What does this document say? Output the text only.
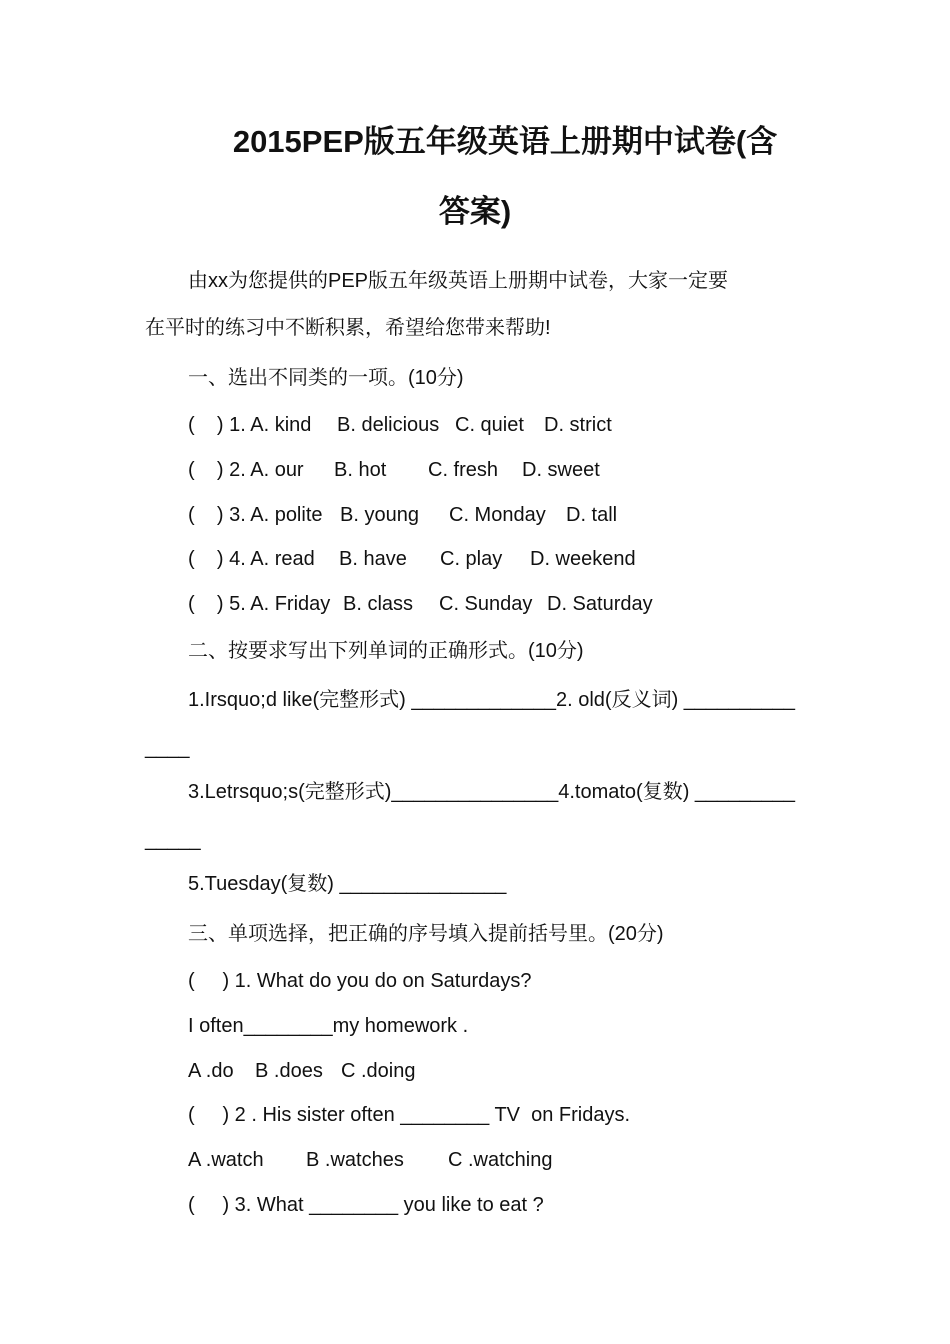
2015PEP版五年级英语上册期中试卷(含
答案)
由xx为您提供的PEP版五年级英语上册期中试卷，大家一定要
在平时的练习中不断积累，希望给您带来帮助!
一、选出不同类的一项。(10分)

(    ) 1. A. kind

B. delicious

C. quiet

D. strict

(    ) 2. A. our

B. hot

C. fresh

D. sweet

(    ) 3. A. polite

B. young

C. Monday

D. tall

(    ) 4. A. read

B. have

C. play

D. weekend

(    ) 5. A. Friday

B. class

C. Sunday

D. Saturday

二、按要求写出下列单词的正确形式。(10分)
1.Irsquo;d like(完整形式) _____________2. old(反义词) __________
____
3.Letrsquo;s(完整形式)_______________4.tomato(复数) _________
_____
5.Tuesday(复数) _______________
三、单项选择，把正确的序号填入提前括号里。(20分)
(     ) 1. What do you do on Saturdays?
I often________my homework .

A .do

B .does

C .doing

(     ) 2 . His sister often ________ TV  on Fridays.

A .watch

B .watches

C .watching

(     ) 3. What ________ you like to eat ?
